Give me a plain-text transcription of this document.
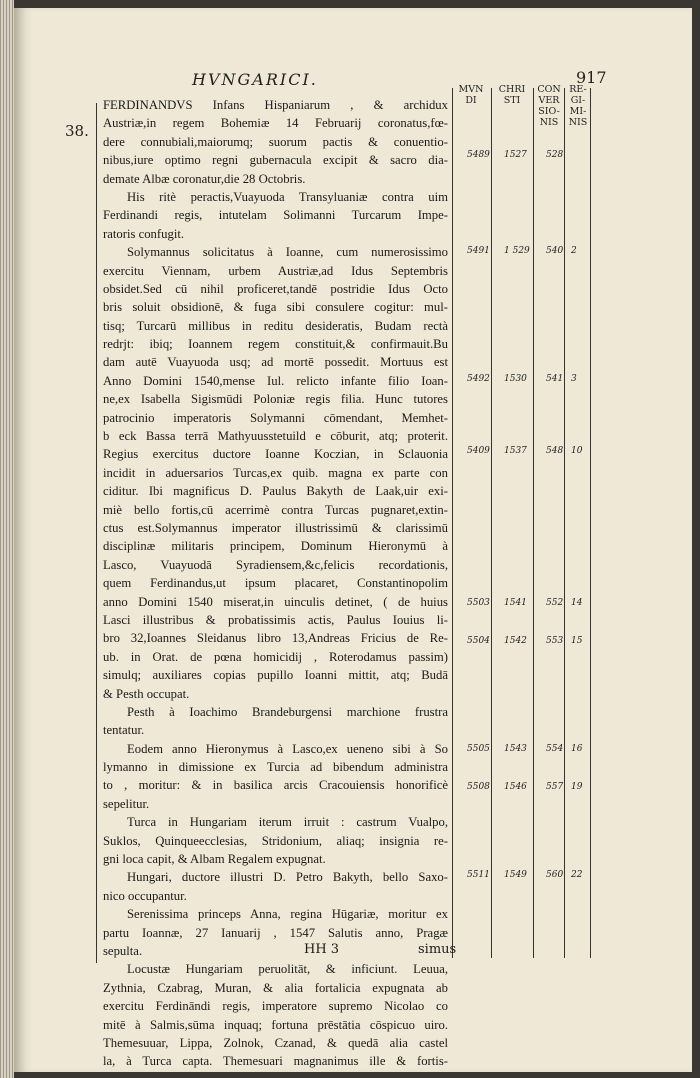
HVNGARICI.	917
MVN DI
CHRI STI
CON VER SIO- NIS
RE- GI- MI- NIS
38.
FERDINANDVS Infans Hispaniarum , & archidux
Austriæ,in regem Bohemiæ 14 Februarij coronatus,fœ-
dere connubiali,maiorumq; suorum pactis & conuentio-
nibus,iure optimo regni gubernacula excipit & sacro dia-
demate Albæ coronatur,die 28 Octobris.
His ritè peractis,Vuayuoda Transyluaniæ contra uim
Ferdinandi regis, intutelam Solimanni Turcarum Impe-
ratoris confugit.
Solymannus solicitatus à Ioanne, cum numerosissimo
exercitu Viennam, urbem Austriæ,ad Idus Septembris
obsidet.Sed cū nihil proficeret,tandē postridie Idus Octo
bris soluit obsidionē, & fuga sibi consulere cogitur: mul-
tisq; Turcarū millibus in reditu desideratis, Budam rectà
redrjt: ibiq; Ioannem regem constituit,& confirmauit.Bu
dam autē Vuayuoda usq; ad mortē possedit. Mortuus est
Anno Domini 1540,mense Iul. relicto infante filio Ioan-
ne,ex Isabella Sigismūdi Poloniæ regis filia. Hunc tutores
patrocinio imperatoris Solymanni cōmendant, Memhet-
b eck Bassa terrā Mathyuusstetuild e cōburit, atq; proterit.
Regius exercitus ductore Ioanne Koczian, in Sclauonia
incidit in aduersarios Turcas,ex quib. magna ex parte con
ciditur. Ibi magnificus D. Paulus Bakyth de Laak,uir exi-
miè bello fortis,cū acerrimè contra Turcas pugnaret,extin-
ctus est.Solymannus imperator illustrissimū & clarissimū
disciplinæ militaris principem, Dominum Hieronymū à
Lasco, Vuayuodā Syradiensem,&c,felicis recordationis,
quem Ferdinandus,ut ipsum placaret, Constantinopolim
anno Domini 1540 miserat,in uinculis detinet, ( de huius
Lasci illustribus & probatissimis actis, Paulus Iouius li-
bro 32,Ioannes Sleidanus libro 13,Andreas Fricius de Re-
ub. in Orat. de pœna homicidij , Roterodamus passim)
simulq; auxiliares copias pupillo Ioanni mittit, atq; Budā
& Pesth occupat.
Pesth à Ioachimo Brandeburgensi marchione frustra
tentatur.
Eodem anno Hieronymus à Lasco,ex ueneno sibi à So
lymanno in dimissione ex Turcia ad bibendum administra
to , moritur: & in basilica arcis Cracouiensis honorificè
sepelitur.
Turca in Hungariam iterum irruit : castrum Vualpo,
Suklos, Quinqueecclesias, Stridonium, aliaq; insignia re-
gni loca capit, & Albam Regalem expugnat.
Hungari, ductore illustri D. Petro Bakyth, bello Saxo-
nico occupantur.
Serenissima princeps Anna, regina Hūgariæ, moritur ex
partu Ioannæ, 27 Ianuarij , 1547 Salutis anno, Pragæ
sepulta.
Locustæ Hungariam peruolitāt, & inficiunt. Leuua,
Zythnia, Czabrag, Muran, & alia fortalicia expugnata ab
exercitu Ferdināndi regis, imperatore supremo Nicolao co
mitē à Salmis,sūma inquaq; fortuna prēstātia cōspicuo uiro.
Themesuuar, Lippa, Zolnok, Czanad, & quedā alia castel
la, à Turca capta. Themesuari magnanimus ille & fortis-
5489 1527 528
5491 1 529 540 2
5492 1530 541 3
5409 1537 548 10
5503 1541 552 14
5504 1542 553 15
5505 1543 554 16
5508 1546 557 19
5511 1549 560 22
HH 3	simus
